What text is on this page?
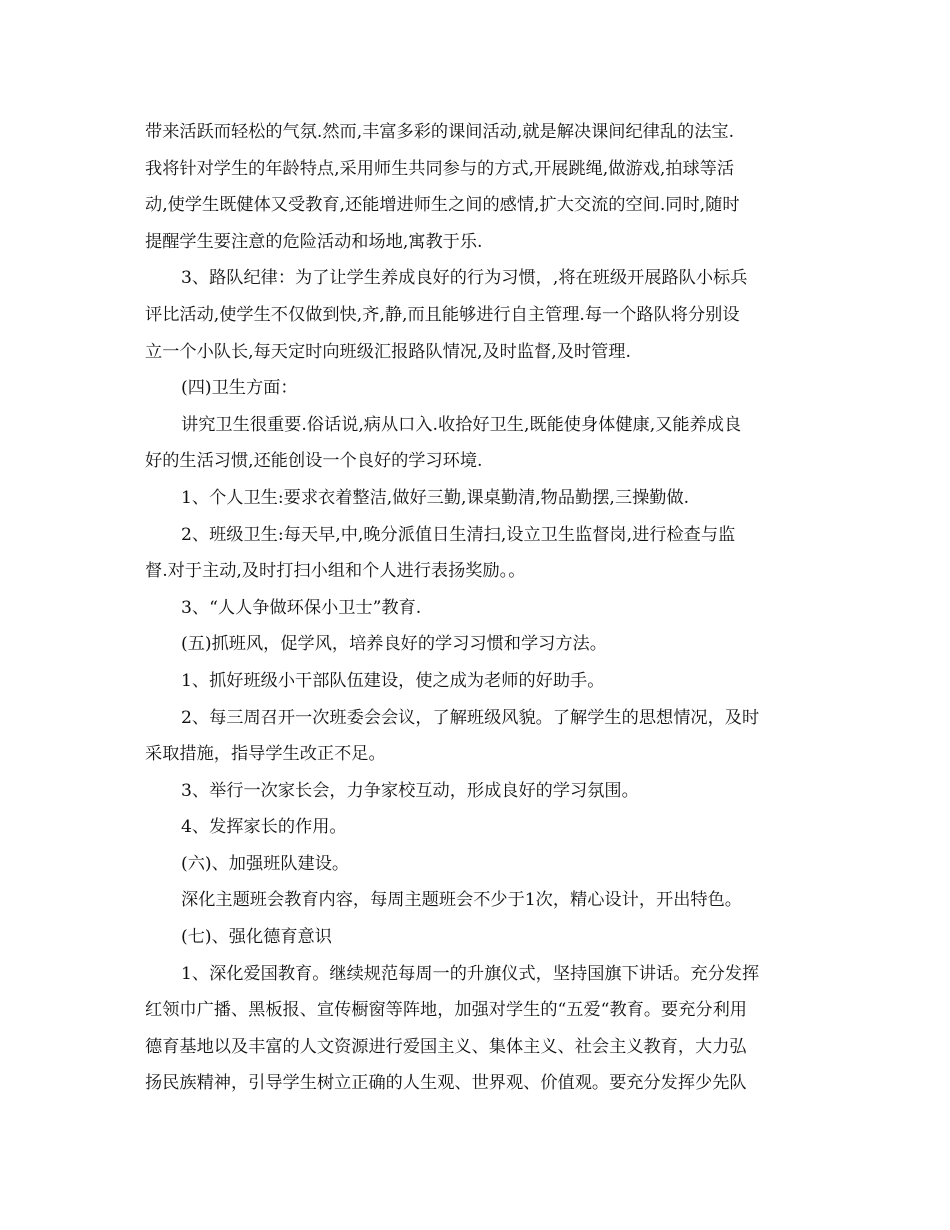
带来活跃而轻松的气氛.然而,丰富多彩的课间活动,就是解决课间纪律乱的法宝.

我将针对学生的年龄特点,采用师生共同参与的方式,开展跳绳,做游戏,拍球等活

动,使学生既健体又受教育,还能增进师生之间的感情,扩大交流的空间.同时,随时

提醒学生要注意的危险活动和场地,寓教于乐.

3、路队纪律：为了让学生养成良好的行为习惯，,将在班级开展路队小标兵

评比活动,使学生不仅做到快,齐,静,而且能够进行自主管理.每一个路队将分别设

立一个小队长,每天定时向班级汇报路队情况,及时监督,及时管理.

(四)卫生方面：

讲究卫生很重要.俗话说,病从口入.收拾好卫生,既能使身体健康,又能养成良

好的生活习惯,还能创设一个良好的学习环境.

1、个人卫生:要求衣着整洁,做好三勤,课桌勤清,物品勤摆,三操勤做.

2、班级卫生:每天早,中,晚分派值日生清扫,设立卫生监督岗,进行检查与监

督.对于主动,及时打扫小组和个人进行表扬奖励。。

3、“人人争做环保小卫士”教育.

(五)抓班风，促学风，培养良好的学习习惯和学习方法。

1、抓好班级小干部队伍建设，使之成为老师的好助手。

2、每三周召开一次班委会会议，了解班级风貌。了解学生的思想情况，及时

采取措施，指导学生改正不足。

3、举行一次家长会，力争家校互动，形成良好的学习氛围。

4、发挥家长的作用。

(六)、加强班队建设。

深化主题班会教育内容，每周主题班会不少于1次，精心设计，开出特色。

(七)、强化德育意识

1、深化爱国教育。继续规范每周一的升旗仪式，坚持国旗下讲话。充分发挥

红领巾广播、黑板报、宣传橱窗等阵地，加强对学生的“五爱“教育。要充分利用

德育基地以及丰富的人文资源进行爱国主义、集体主义、社会主义教育，大力弘

扬民族精神，引导学生树立正确的人生观、世界观、价值观。要充分发挥少先队
